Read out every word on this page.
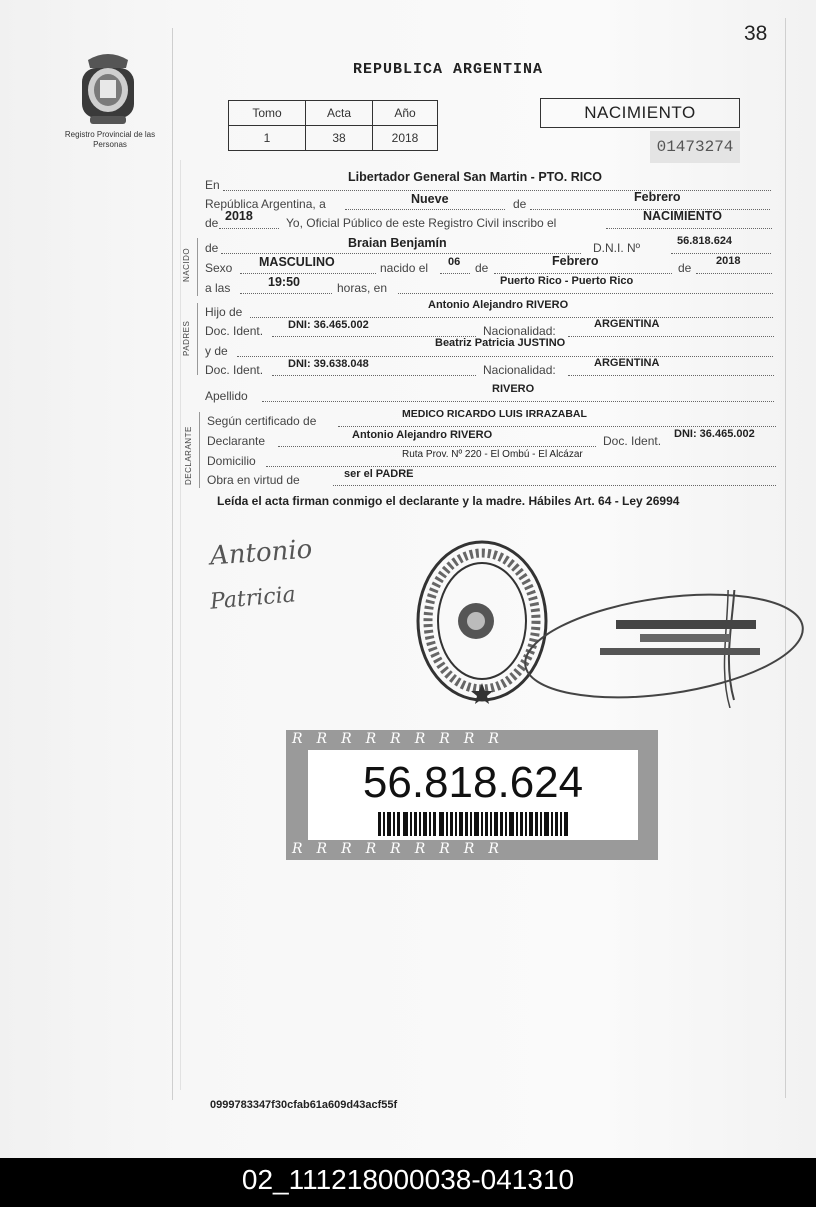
38
Registro Provincial de las Personas
REPUBLICA ARGENTINA
Tomo	Acta	Año
1	38	2018
NACIMIENTO
01473274
En
Libertador General San Martin - PTO. RICO
República Argentina, a	Nueve	de	Febrero
de 2018	Yo, Oficial Público de este Registro Civil inscribo el	NACIMIENTO
NACIDO de	Braian Benjamín	D.N.I. Nº	56.818.624
Sexo MASCULINO	nacido el 06 de	Febrero	de 2018
a las	19:50	horas, en	Puerto Rico - Puerto Rico
PADRES
Hijo de	Antonio Alejandro RIVERO
Doc. Ident. DNI: 36.465.002	Nacionalidad:	ARGENTINA
y de
Beatriz Patricia JUSTINO
Doc. Ident. DNI: 39.638.048	Nacionalidad:	ARGENTINA
Apellido	RIVERO
DECLARANTE
Según certificado de	MEDICO RICARDO LUIS IRRAZABAL
Declarante	Antonio Alejandro RIVERO	Doc. Ident. DNI: 36.465.002
Domicilio	Ruta Prov. Nº 220 - El Ombú - El Alcázar
Obra en virtud de	ser el PADRE
Leída el acta firman conmigo el declarante y la madre. Hábiles Art. 64 - Ley 26994
Antonio
Patricia
RRRRRRRRR
RRRRRRRRR
56.818.624
0999783347f30cfab61a609d43acf55f
02_111218000038-041310
